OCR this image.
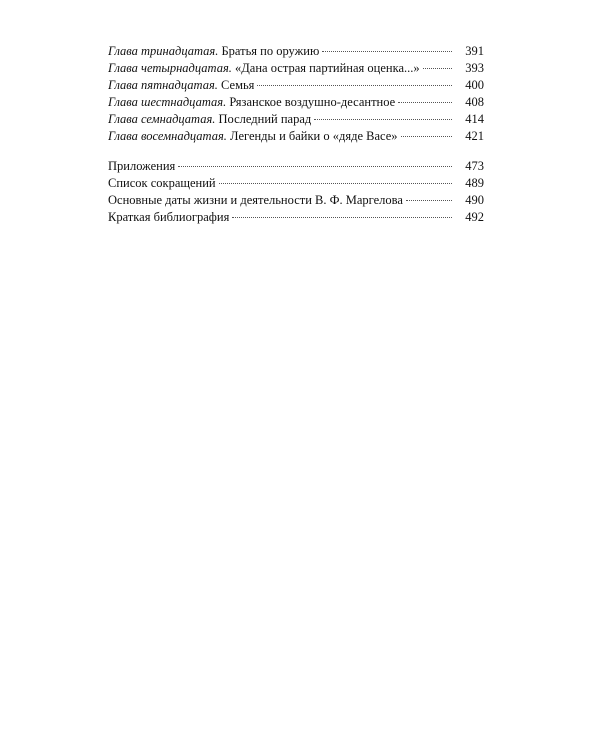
Глава тринадцатая. Братья по оружию	391
Глава четырнадцатая. «Дана острая партийная оценка...»	393
Глава пятнадцатая. Семья	400
Глава шестнадцатая. Рязанское воздушно-десантное	408
Глава семнадцатая. Последний парад	414
Глава восемнадцатая. Легенды и байки о «дяде Васе»	421
Приложения	473
Список сокращений	489
Основные даты жизни и деятельности В. Ф. Маргелова	490
Краткая библиография	492
